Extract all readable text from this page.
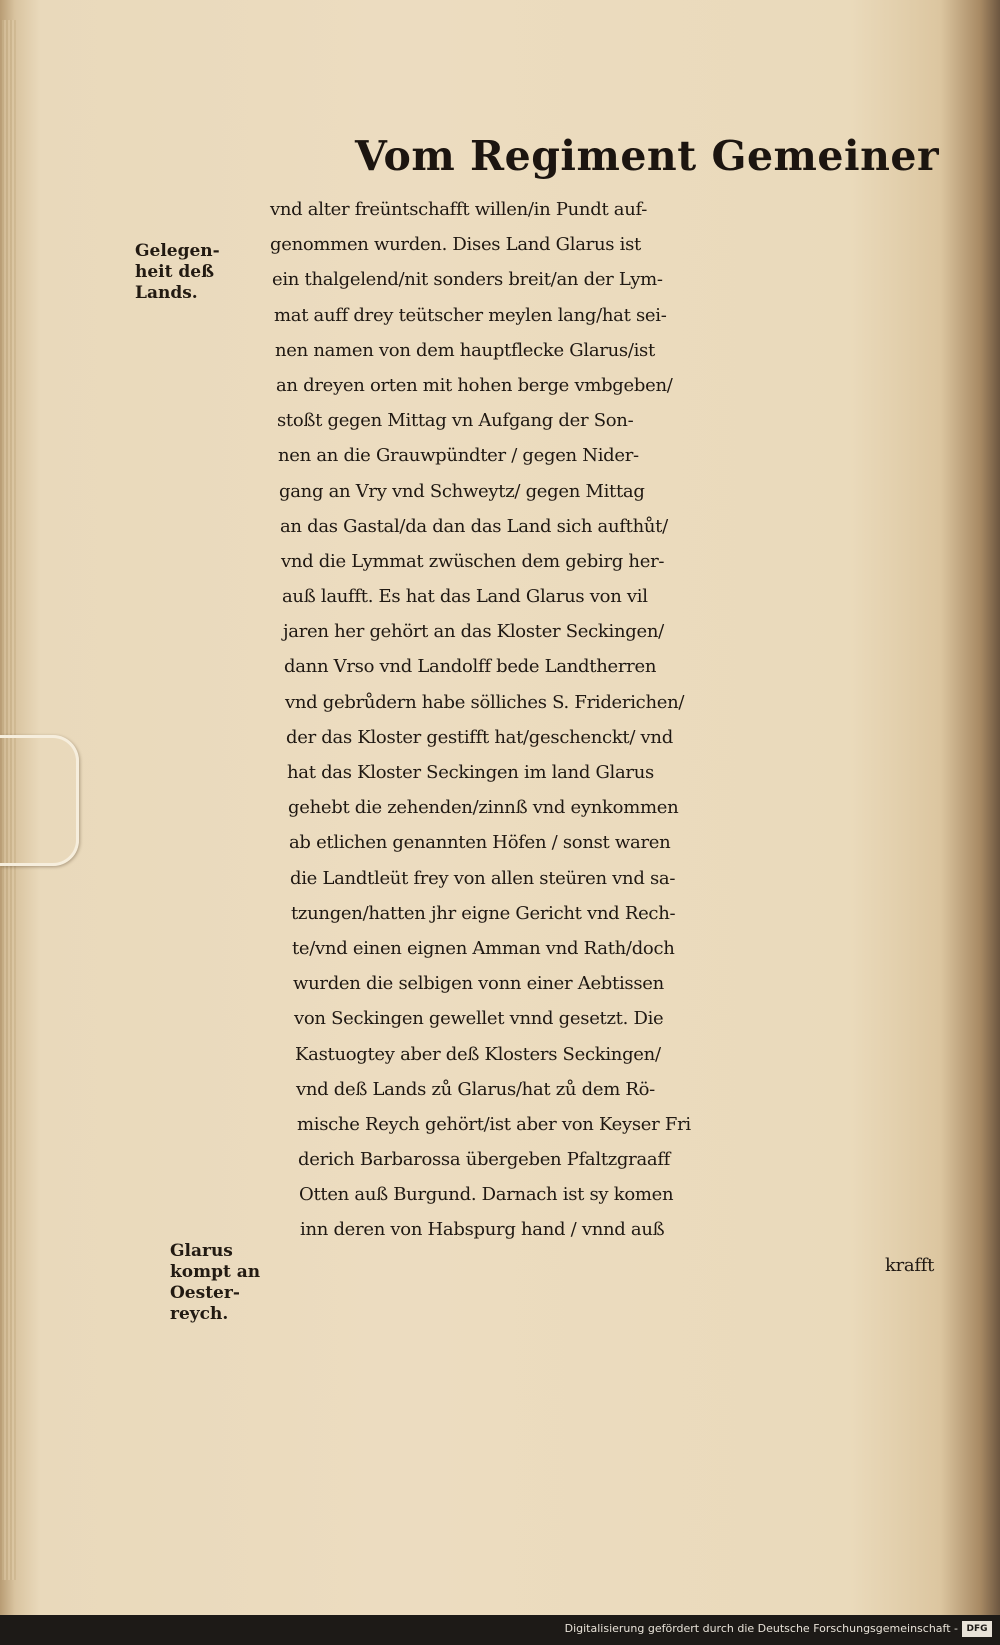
Vom Regiment Gemeiner
Gelegen-
heit deß
Lands.
Glarus
kompt an
Oester-
reych.
vnd alter freüntschafft willen/in Pundt auf-
genommen wurden. Dises Land Glarus ist
ein thalgelend/nit sonders breit/an der Lym-
mat auff drey teütscher meylen lang/hat sei-
nen namen von dem hauptflecke Glarus/ist
an dreyen orten mit hohen berge vmbgeben/
stoßt gegen Mittag vn Aufgang der Son-
nen an die Grauwpündter / gegen Nider-
gang an Vry vnd Schweytz/ gegen Mittag
an das Gastal/da dan das Land sich aufthůt/
vnd die Lymmat zwüschen dem gebirg her-
auß laufft. Es hat das Land Glarus von vil
jaren her gehört an das Kloster Seckingen/
dann Vrso vnd Landolff bede Landtherren
vnd gebrůdern habe sölliches S. Friderichen/
der das Kloster gestifft hat/geschenckt/ vnd
hat das Kloster Seckingen im land Glarus
gehebt die zehenden/zinnß vnd eynkommen
ab etlichen genannten Höfen / sonst waren
die Landtleüt frey von allen steüren vnd sa-
tzungen/hatten jhr eigne Gericht vnd Rech-
te/vnd einen eignen Amman vnd Rath/doch
wurden die selbigen vonn einer Aebtissen
von Seckingen gewellet vnnd gesetzt. Die
Kastuogtey aber deß Klosters Seckingen/
vnd deß Lands zů Glarus/hat zů dem Rö-
mische Reych gehört/ist aber von Keyser Fri
derich Barbarossa übergeben Pfaltzgraaff
Otten auß Burgund. Darnach ist sy komen
inn deren von Habspurg hand / vnnd auß
krafft
Digitalisierung gefördert durch die Deutsche Forschungsgemeinschaft - DFG
